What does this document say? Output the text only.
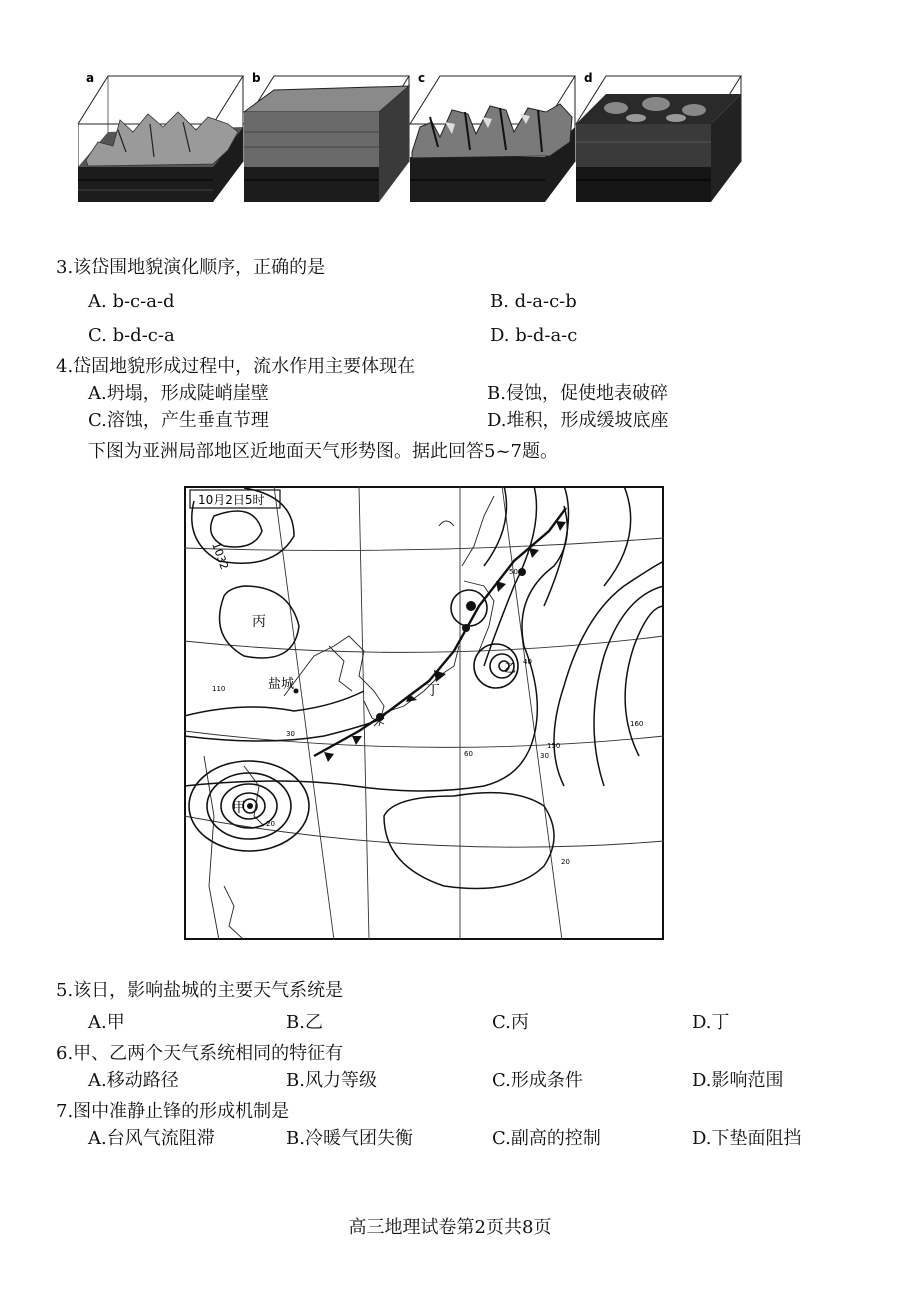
a	b	c	d
3.该岱围地貌演化顺序，正确的是
A. b-c-a-d	B. d-a-c-b
C. b-d-c-a	D. b-d-a-c
4.岱固地貌形成过程中，流水作用主要体现在
A.坍塌，形成陡峭崖壁	B.侵蚀，促使地表破碎
C.溶蚀，产生垂直节理	D.堆积，形成缓坡底座
下图为亚洲局部地区近地面天气形势图。据此回答5~7题。
10月2日5时
丙
盐城	丁
乙
甲
1032
50
40
110
160
150
60	30
20
30
20
5.该日，影响盐城的主要天气系统是
A.甲	B.乙	C.丙	D.丁
6.甲、乙两个天气系统相同的特征有
A.移动路径	B.风力等级	C.形成条件	D.影响范围
7.图中准静止锋的形成机制是
A.台风气流阻滞	B.冷暖气团失衡	C.副高的控制	D.下垫面阻挡
高三地理试卷第2页共8页
